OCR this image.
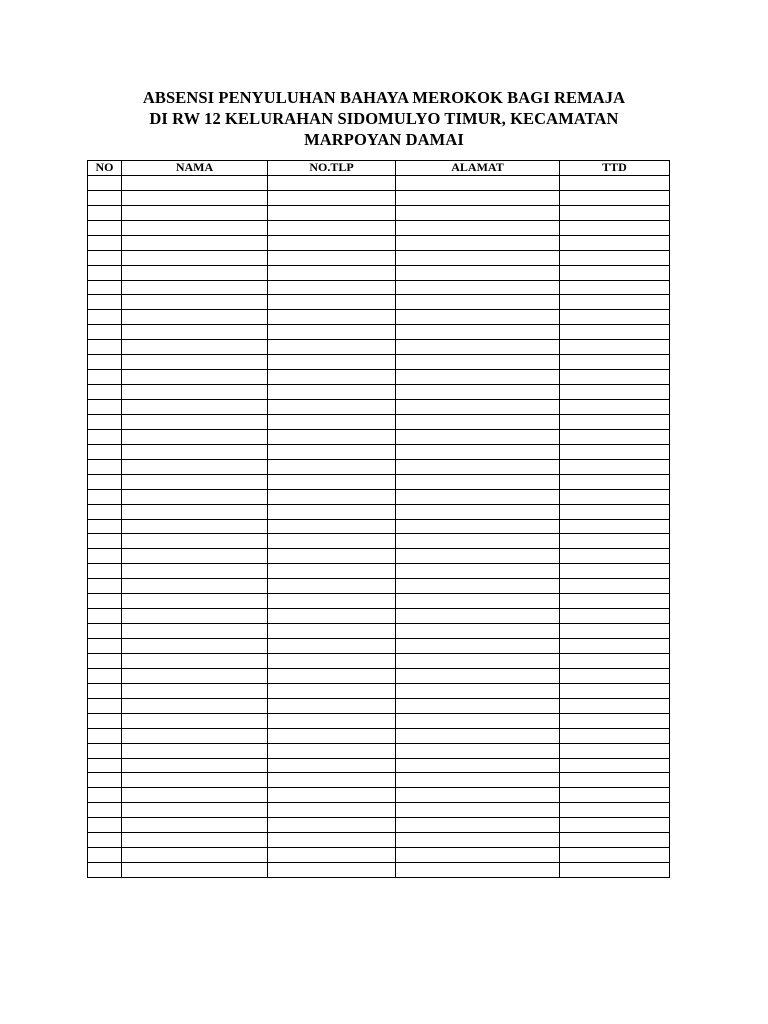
ABSENSI PENYULUHAN BAHAYA MEROKOK BAGI REMAJA
DI RW 12 KELURAHAN SIDOMULYO TIMUR, KECAMATAN
MARPOYAN DAMAI
NO	NAMA	NO.TLP	ALAMAT	TTD
